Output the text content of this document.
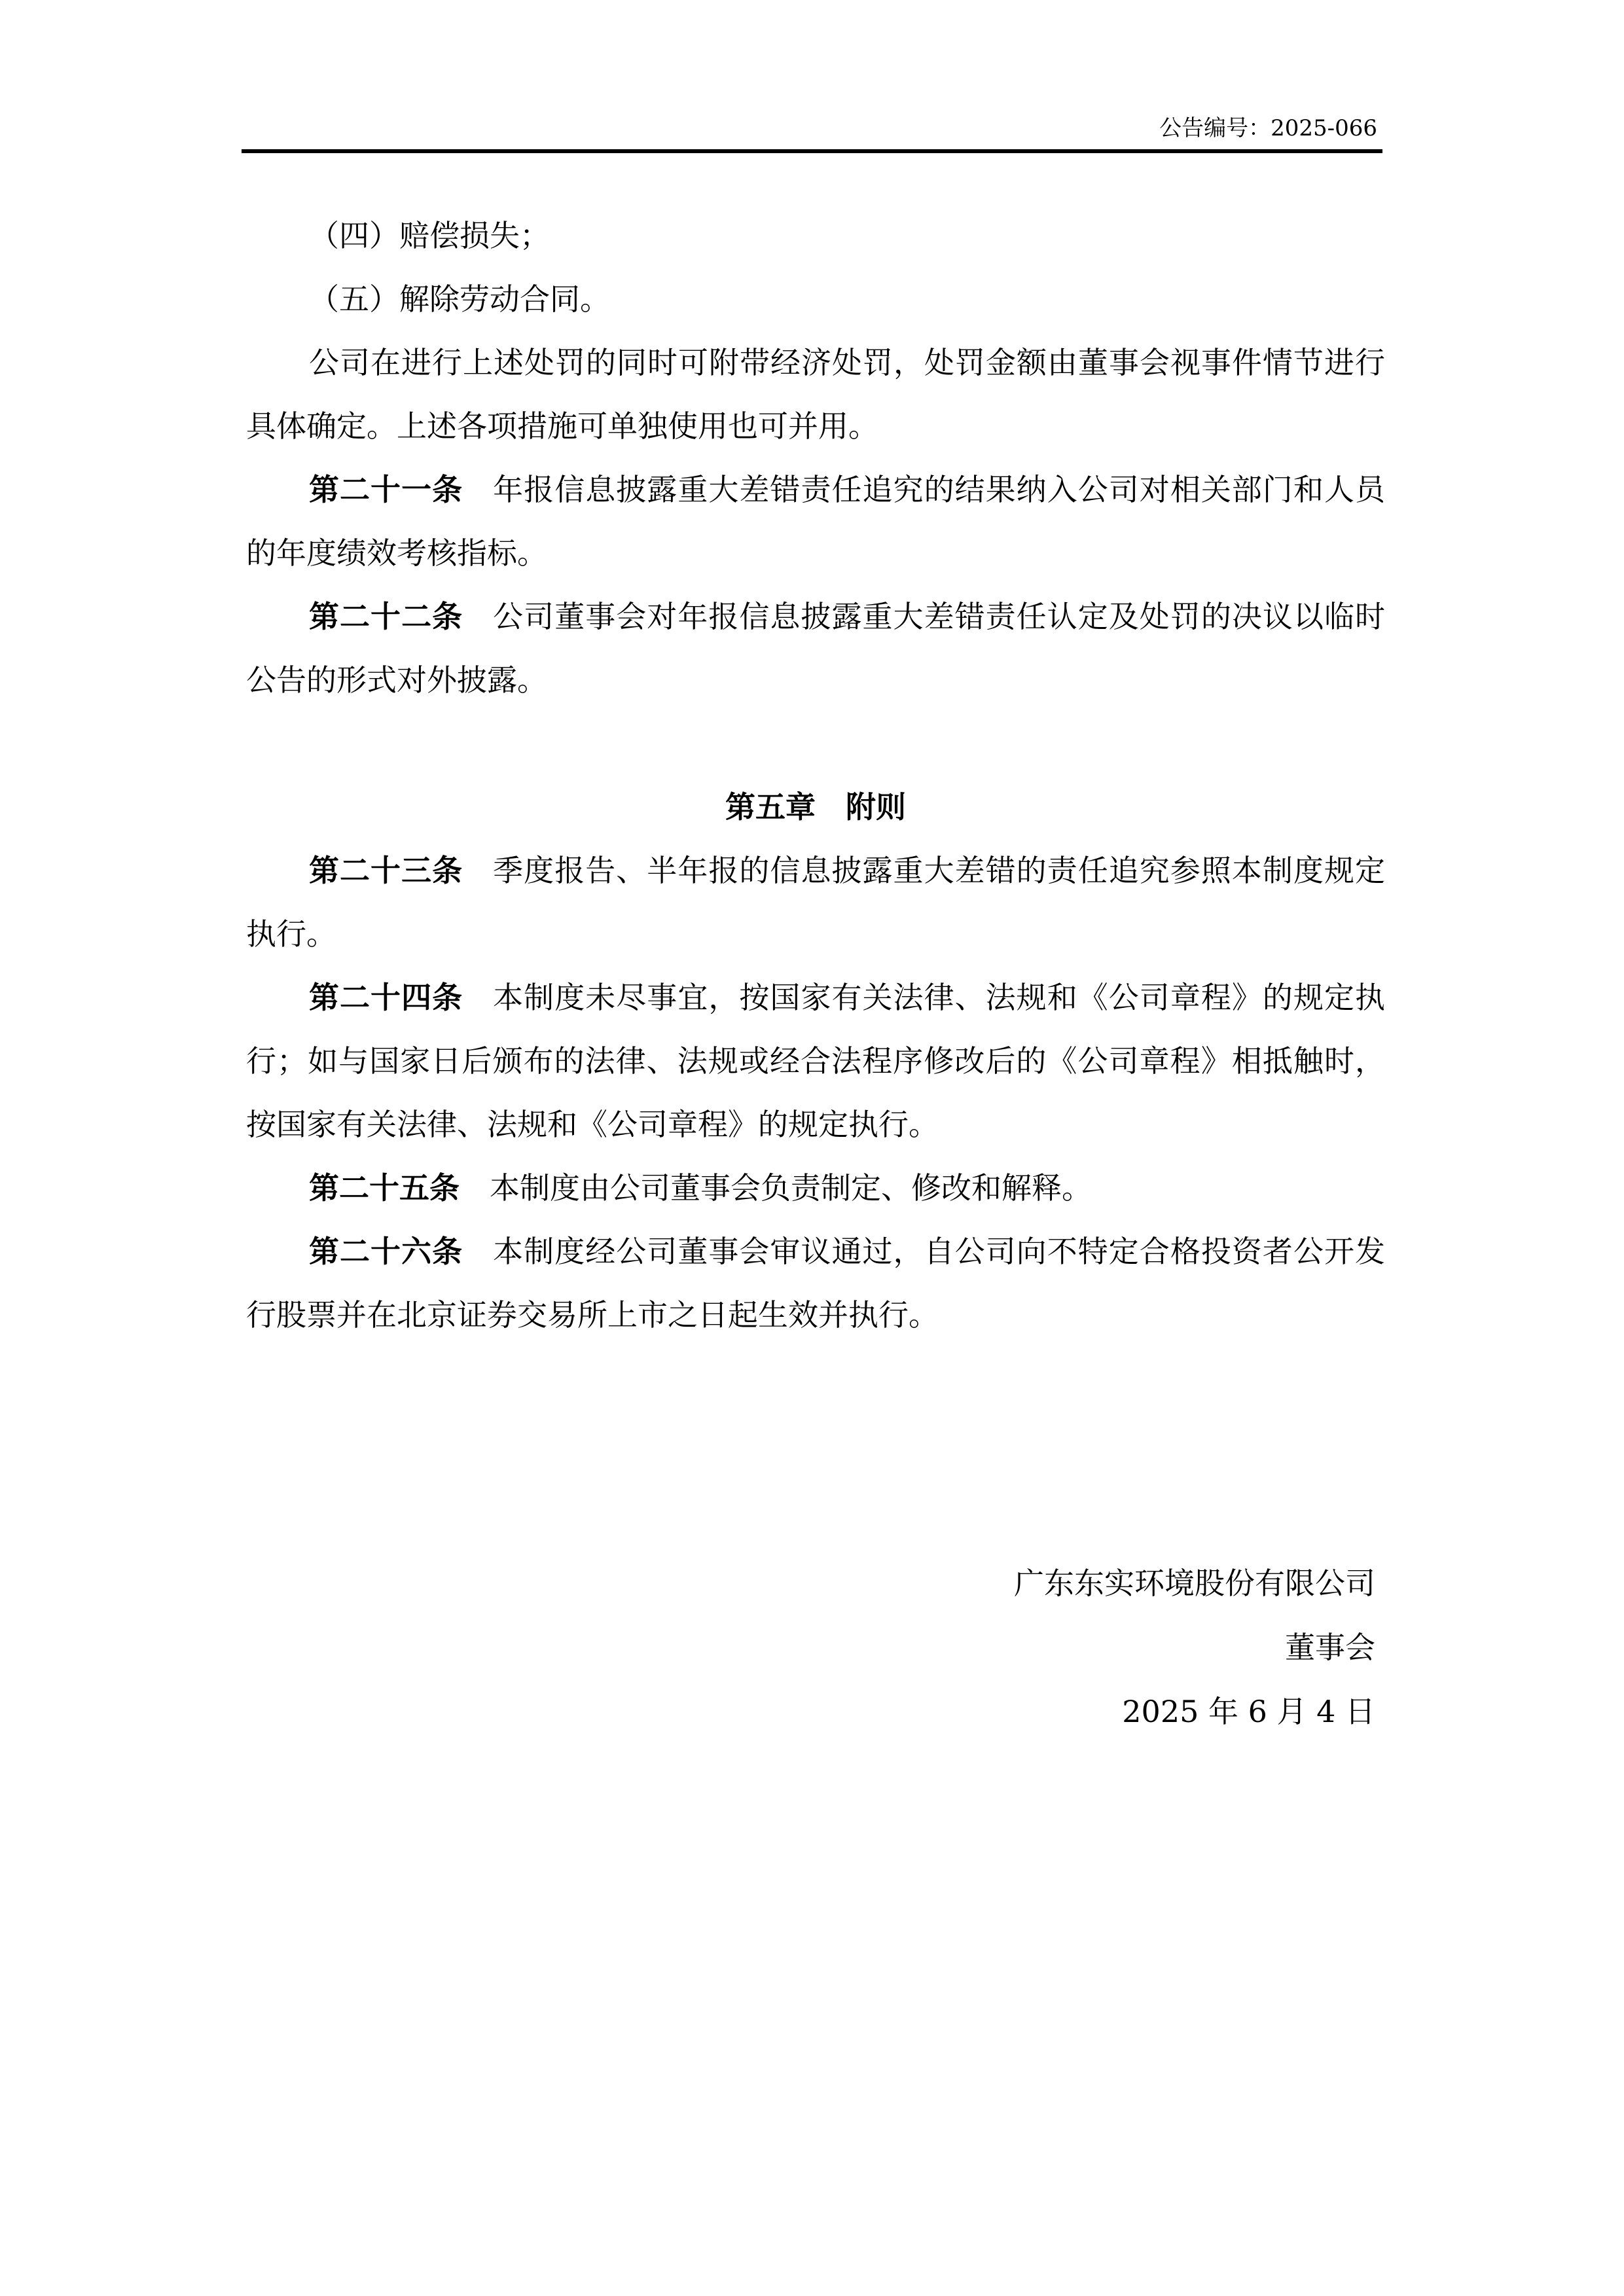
公告编号：2025-066

（四）赔偿损失；

（五）解除劳动合同。

公司在进行上述处罚的同时可附带经济处罚，处罚金额由董事会视事件情节进行具体确定。上述各项措施可单独使用也可并用。

第二十一条 年报信息披露重大差错责任追究的结果纳入公司对相关部门和人员的年度绩效考核指标。

第二十二条 公司董事会对年报信息披露重大差错责任认定及处罚的决议以临时公告的形式对外披露。

第五章 附则

第二十三条 季度报告、半年报的信息披露重大差错的责任追究参照本制度规定执行。

第二十四条 本制度未尽事宜，按国家有关法律、法规和《公司章程》的规定执行；如与国家日后颁布的法律、法规或经合法程序修改后的《公司章程》相抵触时，按国家有关法律、法规和《公司章程》的规定执行。

第二十五条 本制度由公司董事会负责制定、修改和解释。

第二十六条 本制度经公司董事会审议通过，自公司向不特定合格投资者公开发行股票并在北京证券交易所上市之日起生效并执行。

广东东实环境股份有限公司
董事会
2025 年 6 月 4 日
